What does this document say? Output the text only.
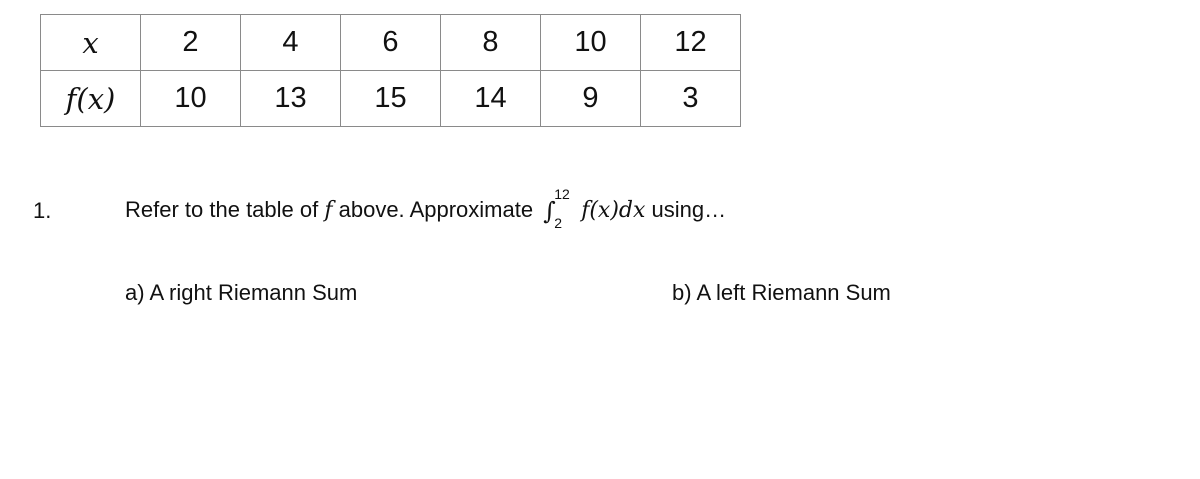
x	2	4	6	8	10	12
f(x)	10	13	15	14	9	3
1.	Refer to the table of f above. Approximate ∫
12
2
f(x)dx using…
a) A right Riemann Sum	b) A left Riemann Sum
